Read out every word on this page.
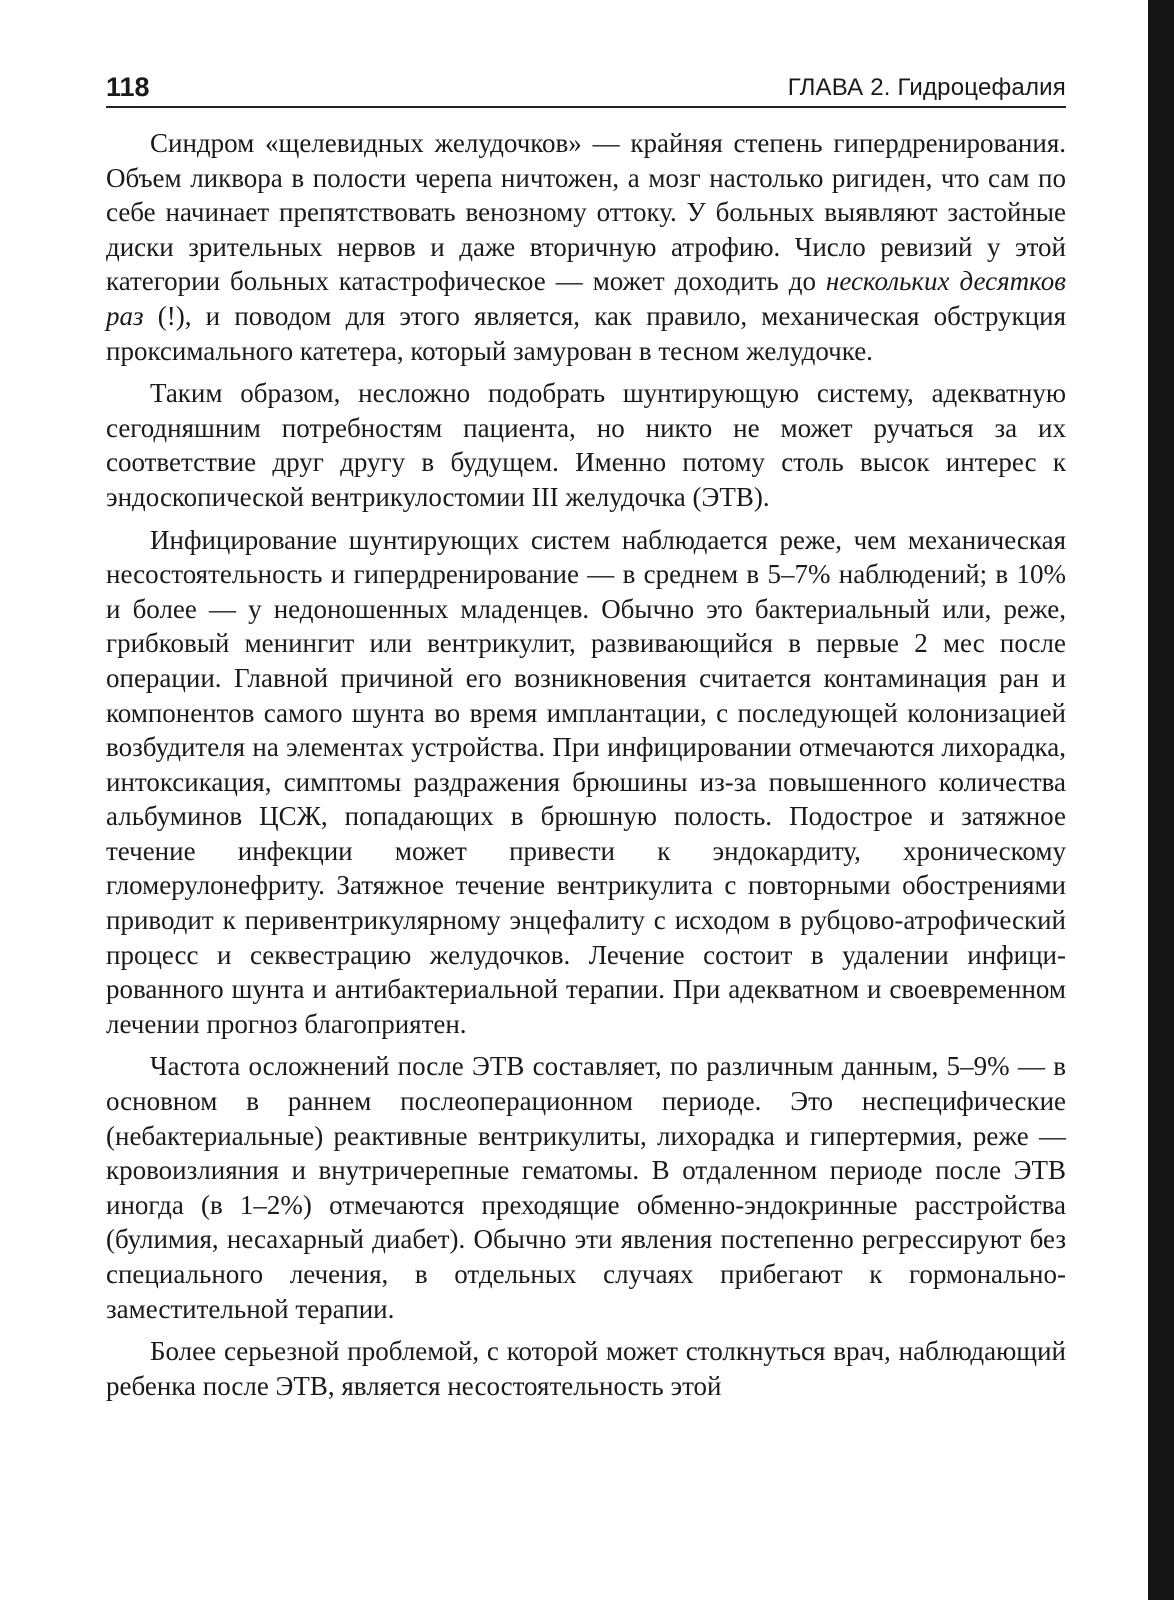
118	ГЛАВА 2. Гидроцефалия

Синдром «щелевидных желудочков» — крайняя степень гипердренирования. Объем ликвора в полости черепа ничтожен, а мозг настолько ригиден, что сам по себе начинает препятствовать венозному оттоку. У больных выявляют застойные диски зрительных нервов и даже вторичную атрофию. Число ревизий у этой категории больных катастрофическое — может доходить до нескольких десятков раз (!), и поводом для этого является, как правило, механическая обструкция проксимального катетера, который замурован в тесном желудочке.

Таким образом, несложно подобрать шунтирующую систему, адекватную сегодняшним потребностям пациента, но никто не может ручаться за их соответствие друг другу в будущем. Именно потому столь высок интерес к эндоскопической вентрикулостомии III желудочка (ЭТВ).

Инфицирование шунтирующих систем наблюдается реже, чем механическая несостоятельность и гипердренирование — в среднем в 5–7% наблюдений; в 10% и более — у недоношенных младенцев. Обычно это бактериальный или, реже, грибковый менингит или вентрикулит, развивающийся в первые 2 мес после операции. Главной причиной его возникновения считается контаминация ран и компонентов самого шунта во время имплантации, с последующей колонизацией возбудителя на элементах устройства. При инфицировании отмечаются лихорадка, интоксикация, симптомы раздражения брюшины из-за повышенного количества альбуминов ЦСЖ, попадающих в брюшную полость. Подострое и затяжное течение инфекции может привести к эндокардиту, хроническому гломерулонефриту. Затяжное течение вентрикулита с повторными обострениями приводит к перивентрикулярному энцефалиту с исходом в рубцово-атрофический процесс и секвестрацию желудочков. Лечение состоит в удалении инфицированного шунта и антибактериальной терапии. При адекватном и своевременном лечении прогноз благоприятен.

Частота осложнений после ЭТВ составляет, по различным данным, 5–9% — в основном в раннем послеоперационном периоде. Это неспецифические (небактериальные) реактивные вентрикулиты, лихорадка и гипертермия, реже — кровоизлияния и внутричерепные гематомы. В отдаленном периоде после ЭТВ иногда (в 1–2%) отмечаются преходящие обменно-эндокринные расстройства (булимия, несахарный диабет). Обычно эти явления постепенно регрессируют без специального лечения, в отдельных случаях прибегают к гормонально-заместительной терапии.

Более серьезной проблемой, с которой может столкнуться врач, наблюдающий ребенка после ЭТВ, является несостоятельность этой
